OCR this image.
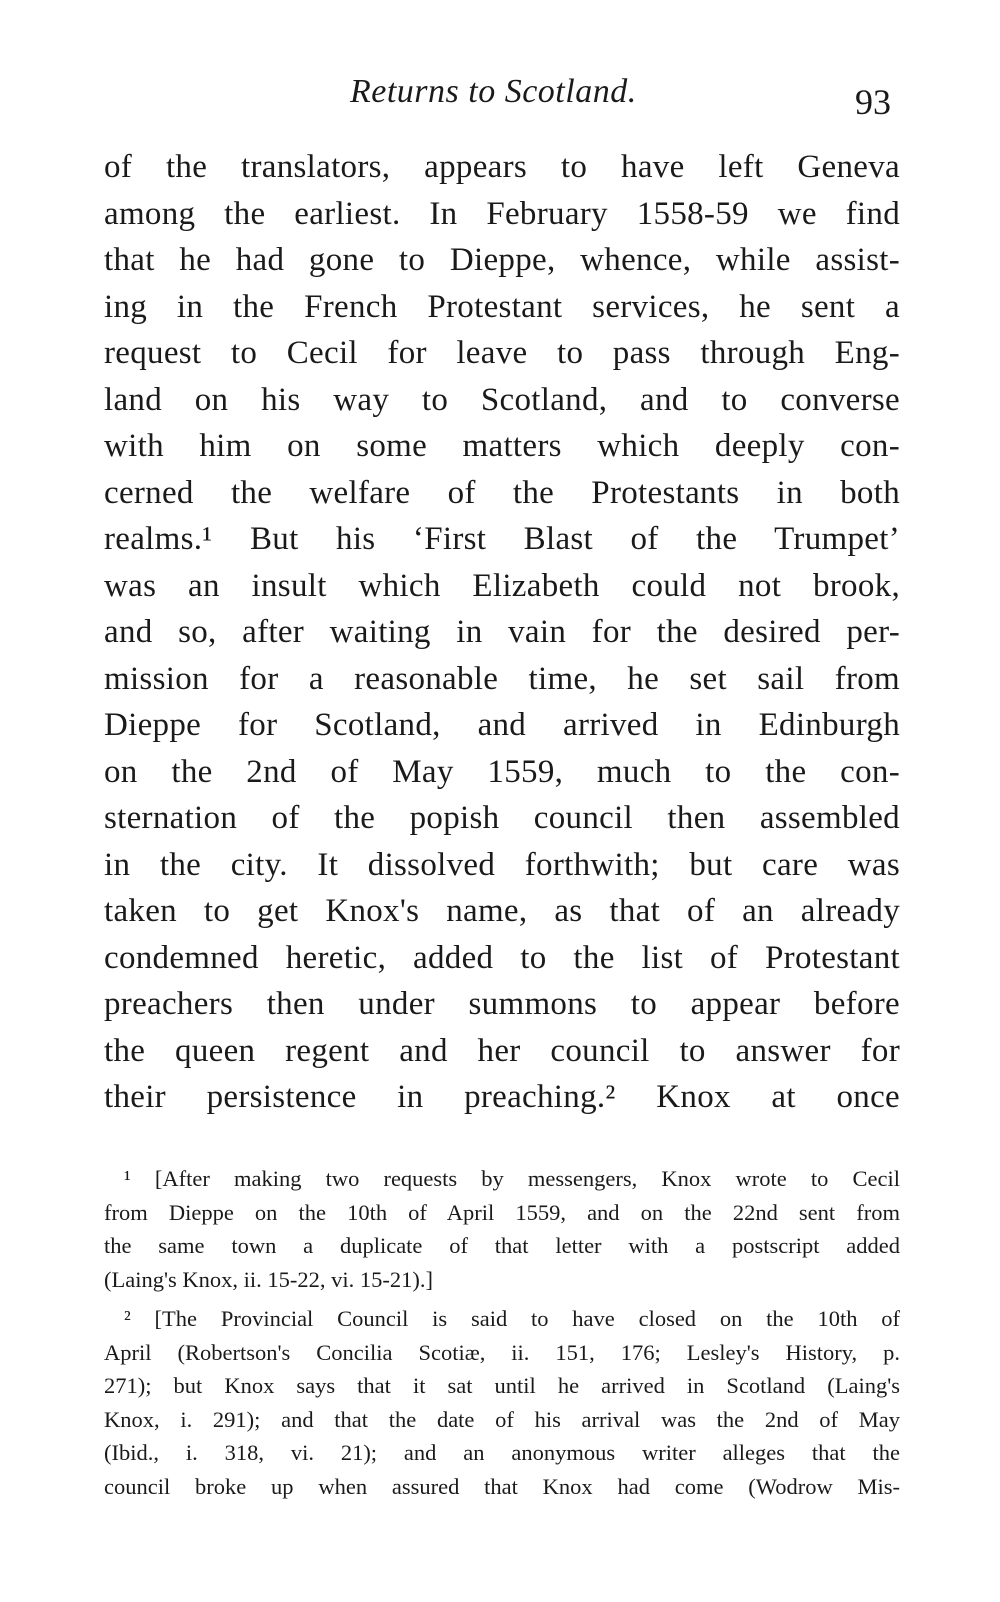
Returns to Scotland.	93
of the translators, appears to have left Geneva
among the earliest. In February 1558-59 we find
that he had gone to Dieppe, whence, while assist-
ing in the French Protestant services, he sent a
request to Cecil for leave to pass through Eng-
land on his way to Scotland, and to converse
with him on some matters which deeply con-
cerned the welfare of the Protestants in both
realms.¹ But his ‘First Blast of the Trumpet’
was an insult which Elizabeth could not brook,
and so, after waiting in vain for the desired per-
mission for a reasonable time, he set sail from
Dieppe for Scotland, and arrived in Edinburgh
on the 2nd of May 1559, much to the con-
sternation of the popish council then assembled
in the city. It dissolved forthwith; but care was
taken to get Knox's name, as that of an already
condemned heretic, added to the list of Protestant
preachers then under summons to appear before
the queen regent and her council to answer for
their persistence in preaching.² Knox at once
¹ [After making two requests by messengers, Knox wrote to Cecil
from Dieppe on the 10th of April 1559, and on the 22nd sent from
the same town a duplicate of that letter with a postscript added
(Laing's Knox, ii. 15-22, vi. 15-21).]
² [The Provincial Council is said to have closed on the 10th of
April (Robertson's Concilia Scotiæ, ii. 151, 176; Lesley's History, p.
271); but Knox says that it sat until he arrived in Scotland (Laing's
Knox, i. 291); and that the date of his arrival was the 2nd of May
(Ibid., i. 318, vi. 21); and an anonymous writer alleges that the
council broke up when assured that Knox had come (Wodrow Mis-
